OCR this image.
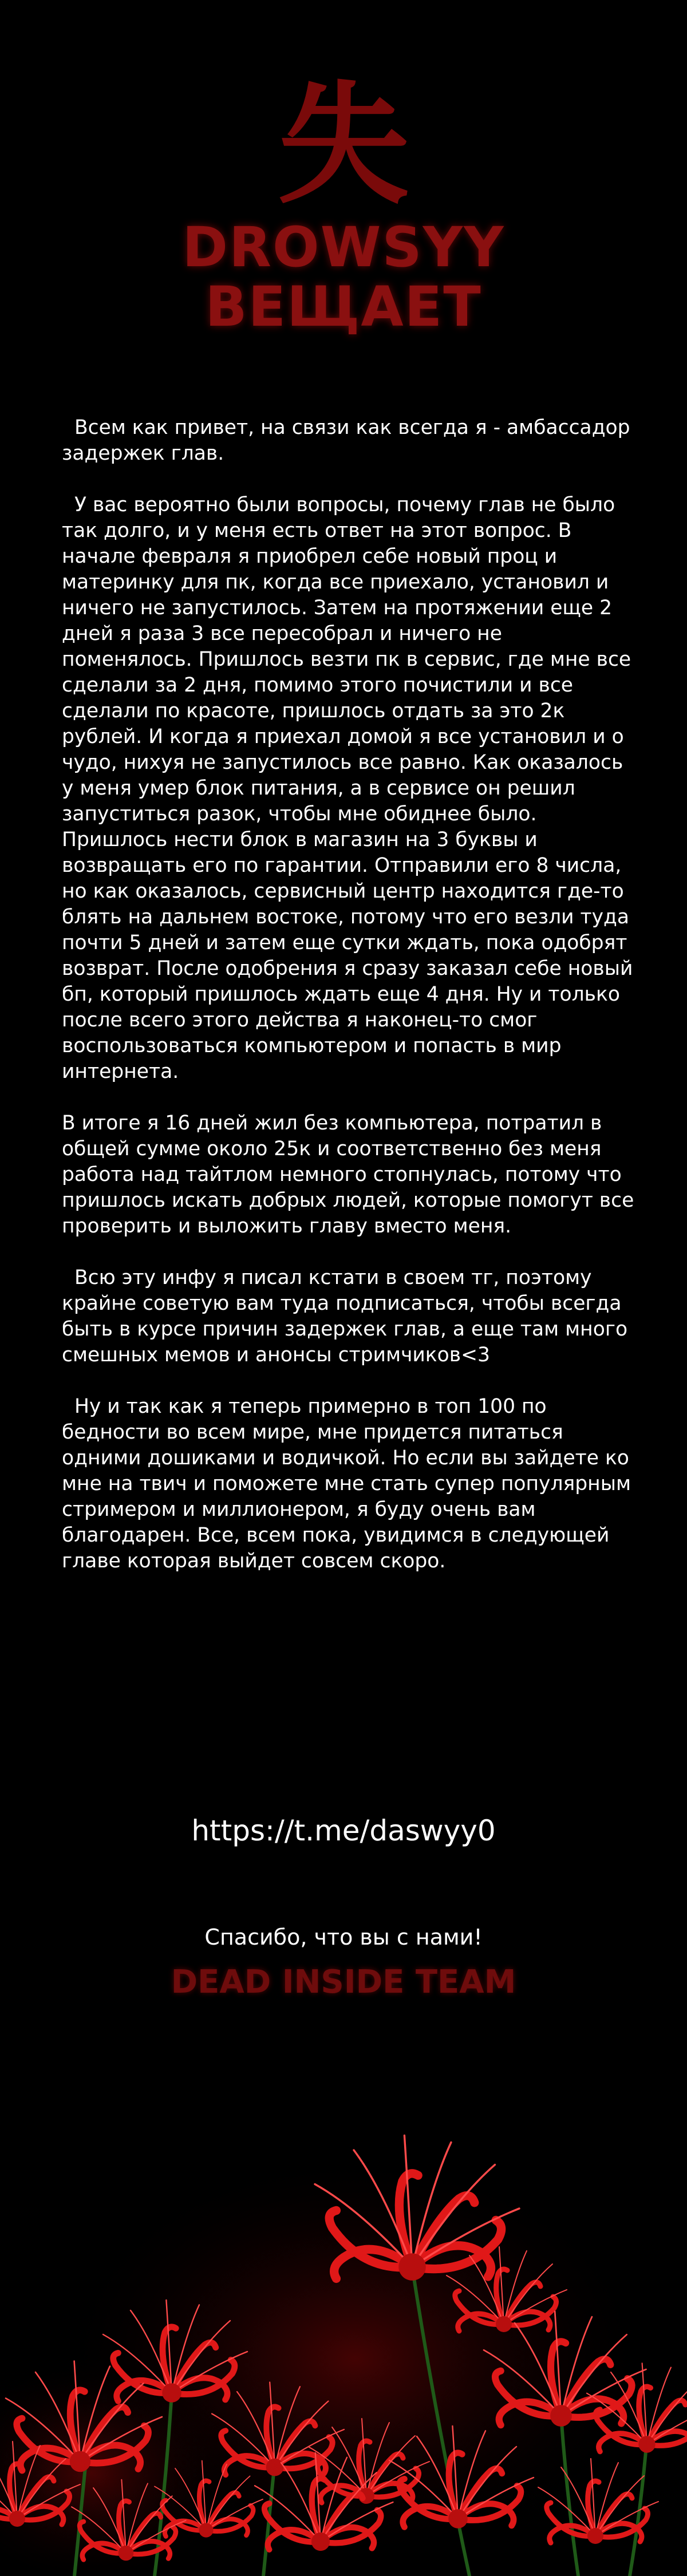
失
DROWSYY
ВЕЩАЕТ

Всем как привет, на связи как всегда я - амбассадор задержек глав.

У вас вероятно были вопросы, почему глав не было так долго, и у меня есть ответ на этот вопрос. В начале февраля я приобрел себе новый проц и материнку для пк, когда все приехало, установил и ничего не запустилось. Затем на протяжении еще 2 дней я раза 3 все пересобрал и ничего не поменялось. Пришлось везти пк в сервис, где мне все сделали за 2 дня, помимо этого почистили и все сделали по красоте, пришлось отдать за это 2к рублей. И когда я приехал домой я все установил и о чудо, нихуя не запустилось все равно. Как оказалось у меня умер блок питания, а в сервисе он решил запуститься разок, чтобы мне обиднее было. Пришлось нести блок в магазин на 3 буквы и возвращать его по гарантии. Отправили его 8 числа, но как оказалось, сервисный центр находится где-то блять на дальнем востоке, потому что его везли туда почти 5 дней и затем еще сутки ждать, пока одобрят возврат. После одобрения я сразу заказал себе новый бп, который пришлось ждать еще 4 дня. Ну и только после всего этого действа я наконец-то смог воспользоваться компьютером и попасть в мир интернета.

В итоге я 16 дней жил без компьютера, потратил в общей сумме около 25к и соответственно без меня работа над тайтлом немного стопнулась, потому что пришлось искать добрых людей, которые помогут все проверить и выложить главу вместо меня.

Всю эту инфу я писал кстати в своем тг, поэтому крайне советую вам туда подписаться, чтобы всегда быть в курсе причин задержек глав, а еще там много смешных мемов и анонсы стримчиков<3

Ну и так как я теперь примерно в топ 100 по бедности во всем мире, мне придется питаться одними дошиками и водичкой. Но если вы зайдете ко мне на твич и поможете мне стать супер популярным стримером и миллионером, я буду очень вам благодарен. Все, всем пока, увидимся в следующей главе которая выйдет совсем скоро.

https://t.me/daswyy0
Спасибо, что вы с нами!
DEAD INSIDE TEAM
